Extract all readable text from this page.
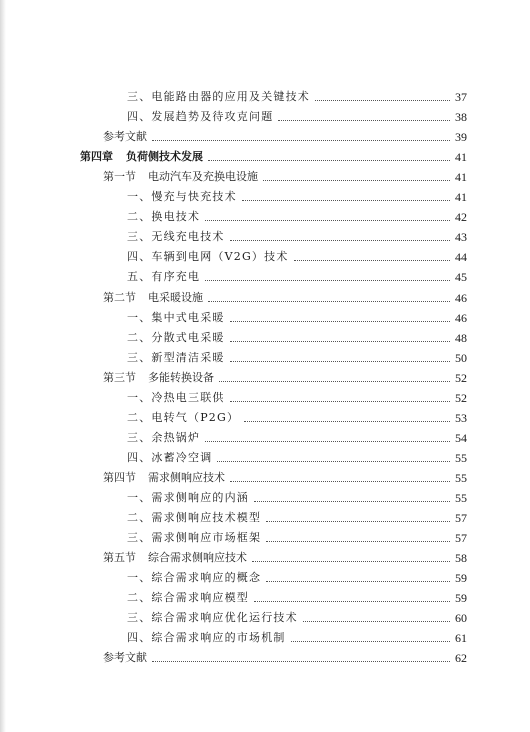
三、电能路由器的应用及关键技术	37
四、发展趋势及待攻克问题	38
参考文献	39
第四章 负荷侧技术发展	41
第一节 电动汽车及充换电设施	41
一、慢充与快充技术	41
二、换电技术	42
三、无线充电技术	43
四、车辆到电网（V2G）技术	44
五、有序充电	45
第二节 电采暖设施	46
一、集中式电采暖	46
二、分散式电采暖	48
三、新型清洁采暖	50
第三节 多能转换设备	52
一、冷热电三联供	52
二、电转气（P2G）	53
三、余热锅炉	54
四、冰蓄冷空调	55
第四节 需求侧响应技术	55
一、需求侧响应的内涵	55
二、需求侧响应技术模型	57
三、需求侧响应市场框架	57
第五节 综合需求侧响应技术	58
一、综合需求响应的概念	59
二、综合需求响应模型	59
三、综合需求响应优化运行技术	60
四、综合需求响应的市场机制	61
参考文献	62
